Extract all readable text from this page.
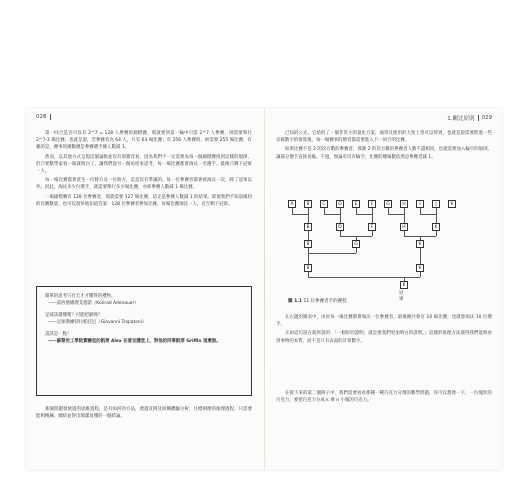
028

第一回合是否可以有 2^7 = 128 人參賽的錦標賽，那就要到第一輪中只需 2^7 人參賽，則需要舉行 2^7-1 場比賽，也就是說，若參賽者為 64 人，只有 63 場比賽；有 256 人參賽時，則需要 255 場比賽，有趣的是，賽事的總數總是參賽選手總人數減 1。

然而，以其他方式呈現這個論點並沒有那麼容易，因為我們不一定需要為每一個錦標賽找到這樣的規律，但只要數學家看一眼就明白了。讓我們從另一個角度來思考，每一場比賽都會淘汰一名選手，最後只剩下冠軍一人。

每一場比賽都會產生一位勝方及一位敗方，這是沒有爭議的。每一位參賽者都會被淘汰一次，除了冠軍以外。因此，淘汰多少位選手，就需要舉行多少場比賽，亦即參賽人數減 1 場比賽。

一場錦標賽有 128 位參賽者，那就需要 127 場比賽，這正是參賽人數減 1 的結果。即使我們不知道確切的比賽數量，也可以很快地知道答案：128 位參賽者參加比賽，每場比賽淘汰一人，直至剩下冠軍。

簡單的思考只有天才才懂得的禮物。

——前西德總理艾德諾（Konrad Adenauer）

足球該讀懂嗎？可能吧解嗎？

——足球教練特拉帕托尼（Giovanni Trapatoni）

請該是一點！

——蘇黎世工學院實驗室的凱蒂 Alex 在發言講堂上，對他的同事凱蒂 Griffin 這麼說。

那個問題發展過的思維過程，是有如何的方法，透過反例及結構體驗分析，目標則便的推理過程，只需要能夠精鍊、總結並得出簡潔易懂的一個結論。

1.關比原則 029

已知的公式，它給的了一個非常小的量化方案，通常及使用的大致上常可以得到，也就是說需要跨過一些多餘數字的推算後，每一場賽事的勝者都需要進入下一回合的比賽。

如果比賽不是 2 的次方數的參賽者，那麼 2 的次方數的參賽者人數不盡相同，也就需要加入輪空的規則，讓部分選手直接晉級。不過，無論有沒有輪空，比賽的總場數依然是參賽者減 1。

A	B	C	D	E	F	G	H	I	J	K
B	D	F	H	K
B	G	K
B	K
K
冠軍
圖 1.1 11 位參賽者手的賽程

在右邊的圖表中，由於每一場比賽都會淘汰一位參賽者，最後總共會有 10 場比賽，也就會淘汰 10 位選手。

正如這句話在就所說的：「一個好的證明，就是要我們更加明白的證明。」這樣的推理方法使得我們能夠看到事物的本質，而不是只有表面的計算數字。

在接下來的第二個例子中，我們需要看看那種一種巧克力分割的數學問題，你可以想像一下，一位塊狀的巧克力，要把巧克力分成 k 乘 n 小塊的巧克力。
